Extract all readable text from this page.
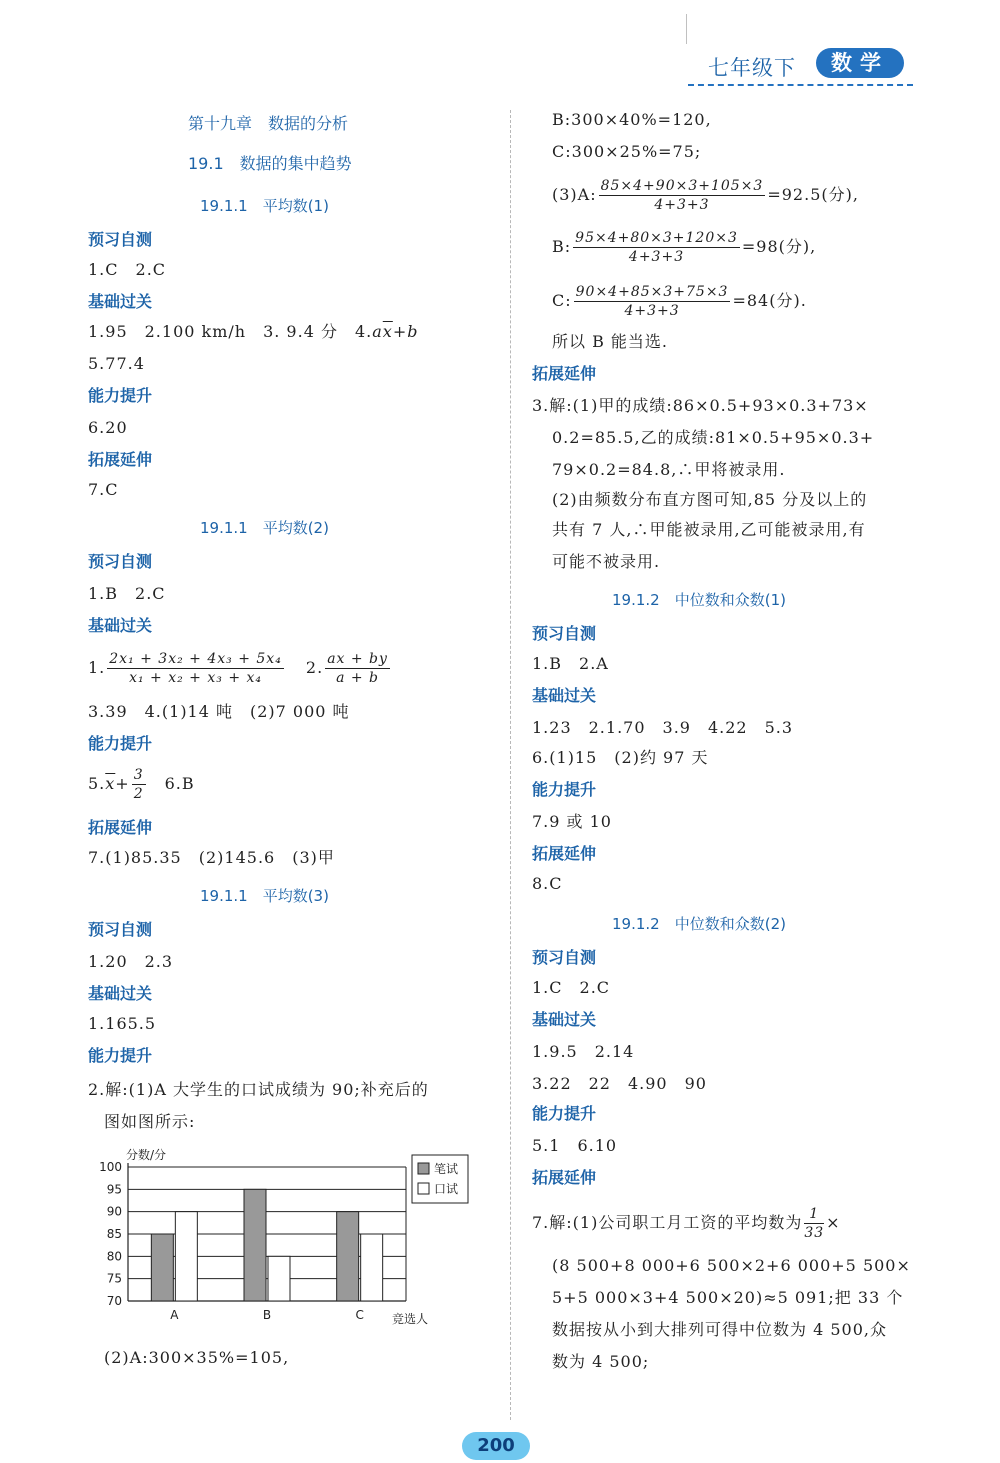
七年级下	数学
第十九章　数据的分析
19.1　数据的集中趋势
19.1.1　平均数(1)
预习自测
1.C　2.C
基础过关
1.95　2.100 km/h　3. 9.4 分　$4.a\overline{x}+b$
5.77.4
能力提升
6.20
拓展延伸
7.C
19.1.1　平均数(2)
预习自测
1.B　2.C
基础过关
1. $\frac{\text{2x₁ + 3x₂ + 4x₃ + 5x₄}}{\text{x₁ + x₂ + x₃ + x₄}} 2$. $\frac{ax + by}{a + b}$
3.39　4.(1)14 吨　(2)7 000 吨
能力提升
$5.\overline{x}+ \frac{3}{2}$ 　6.B
拓展延伸
7.(1)85.35　(2)145.6　(3)甲
19.1.1　平均数(3)
预习自测
1.20　2.3
基础过关
1.165.5
能力提升
2.解:(1)A 大学生的口试成绩为 90;补充后的
图如图所示:
(2)A:300×35%=105,
100
95
90
85
80
75
70
分数/分
竞选人
A	B	C
笔试
口试
B:300×40%=120,
C:300×25%=75;
(3)A: $\frac{85\times 4+90\times 3+105\times 3}{4+3+3} =92.5$(分),
B: $\frac{95\times 4+80\times 3+120\times 3}{4+3+3} =98$(分),
C: $\frac{90\times 4+85\times 3+75\times 3}{4+3+3} =84$(分).
所以 B 能当选.
拓展延伸
3.解:(1)甲的成绩:86×0.5+93×0.3+73×
0.2=85.5,乙的成绩:81×0.5+95×0.3+
79×0.2=84.8,∴甲将被录用.
(2)由频数分布直方图可知,85 分及以上的
共有 7 人,∴甲能被录用,乙可能被录用,有
可能不被录用.
19.1.2　中位数和众数(1)
预习自测
1.B　2.A
基础过关
1.23　2.1.70　3.9　4.22　5.3
6.(1)15　(2)约 97 天
能力提升
7.9 或 10
拓展延伸
8.C
19.1.2　中位数和众数(2)
预习自测
1.C　2.C
基础过关
1.9.5　2.14
3.22　22　4.90　90
能力提升
5.1　6.10
拓展延伸
7.解:(1)公司职工月工资的平均数为 $\frac{1}{33}$ ×
(8 500+8 000+6 500×2+6 000+5 500×
5+5 000×3+4 500×20)≈5 091;把 33 个
数据按从小到大排列可得中位数为 4 500,众
数为 4 500;
200
